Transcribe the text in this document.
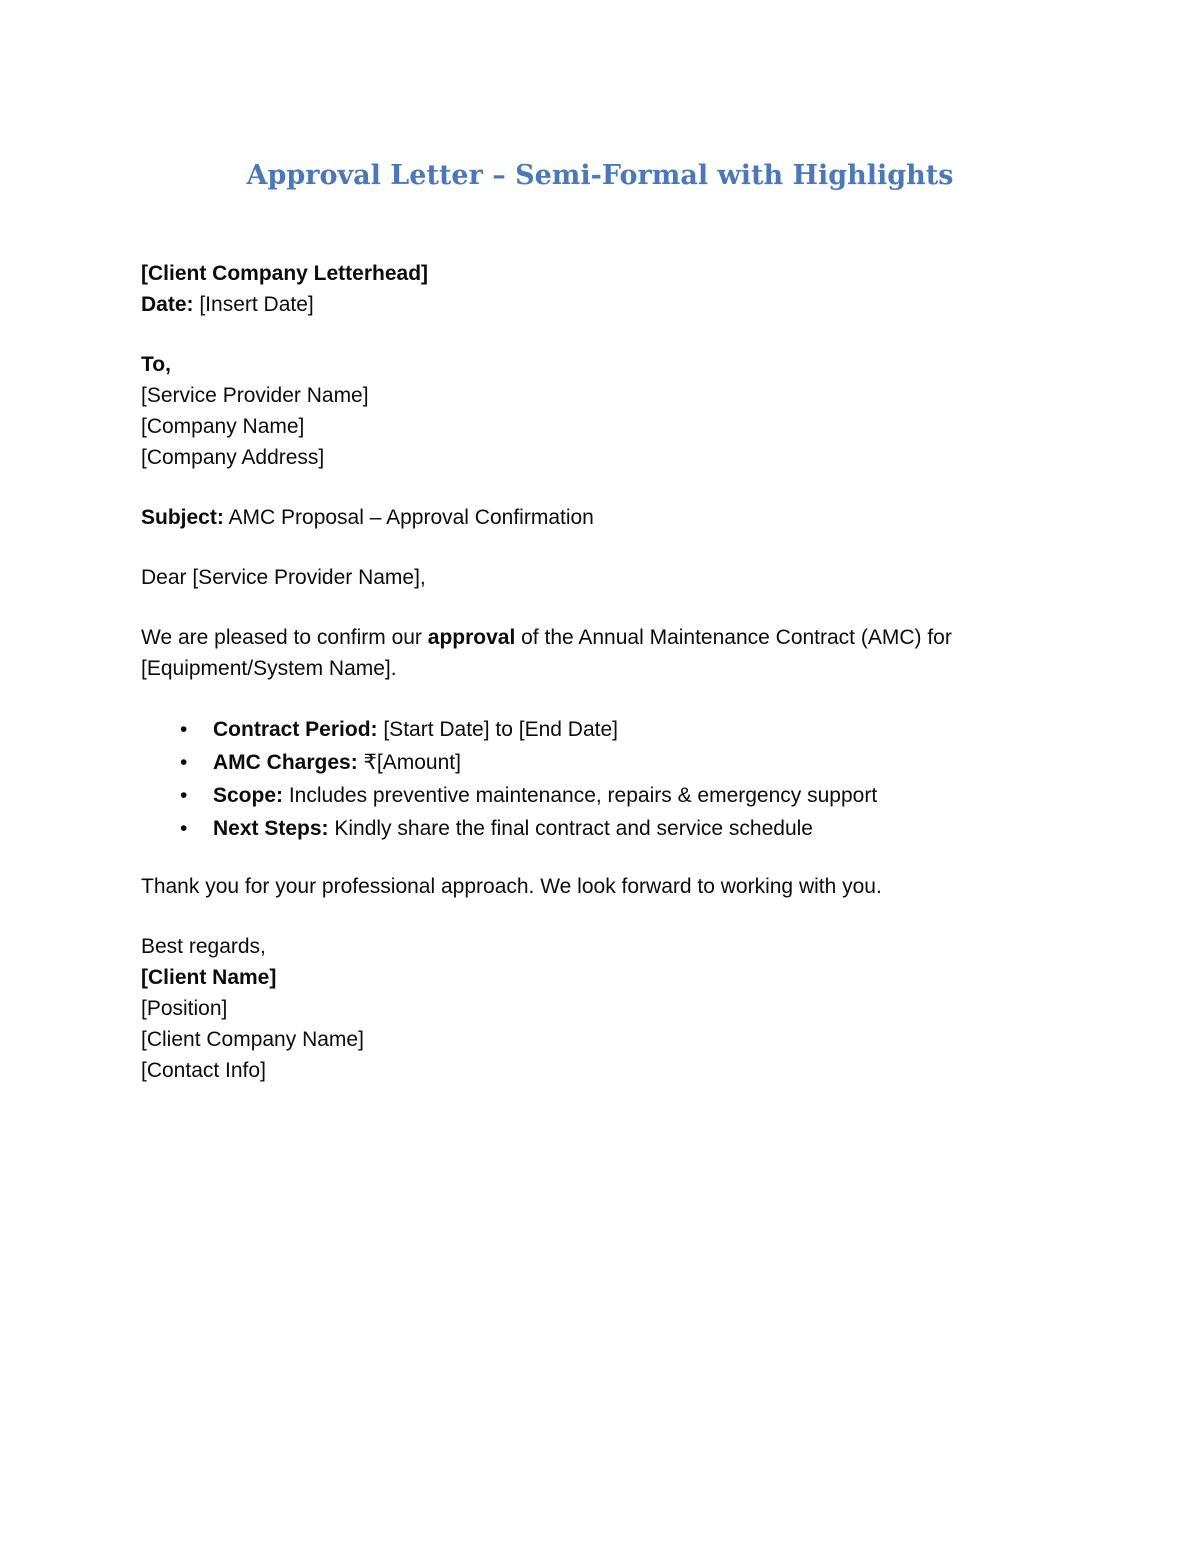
Approval Letter – Semi-Formal with Highlights
[Client Company Letterhead]
Date: [Insert Date]
To,
[Service Provider Name]
[Company Name]
[Company Address]
Subject: AMC Proposal – Approval Confirmation
Dear [Service Provider Name],
We are pleased to confirm our approval of the Annual Maintenance Contract (AMC) for [Equipment/System Name].
• Contract Period: [Start Date] to [End Date]
• AMC Charges: ₹[Amount]
• Scope: Includes preventive maintenance, repairs & emergency support
• Next Steps: Kindly share the final contract and service schedule
Thank you for your professional approach. We look forward to working with you.
Best regards,
[Client Name]
[Position]
[Client Company Name]
[Contact Info]
